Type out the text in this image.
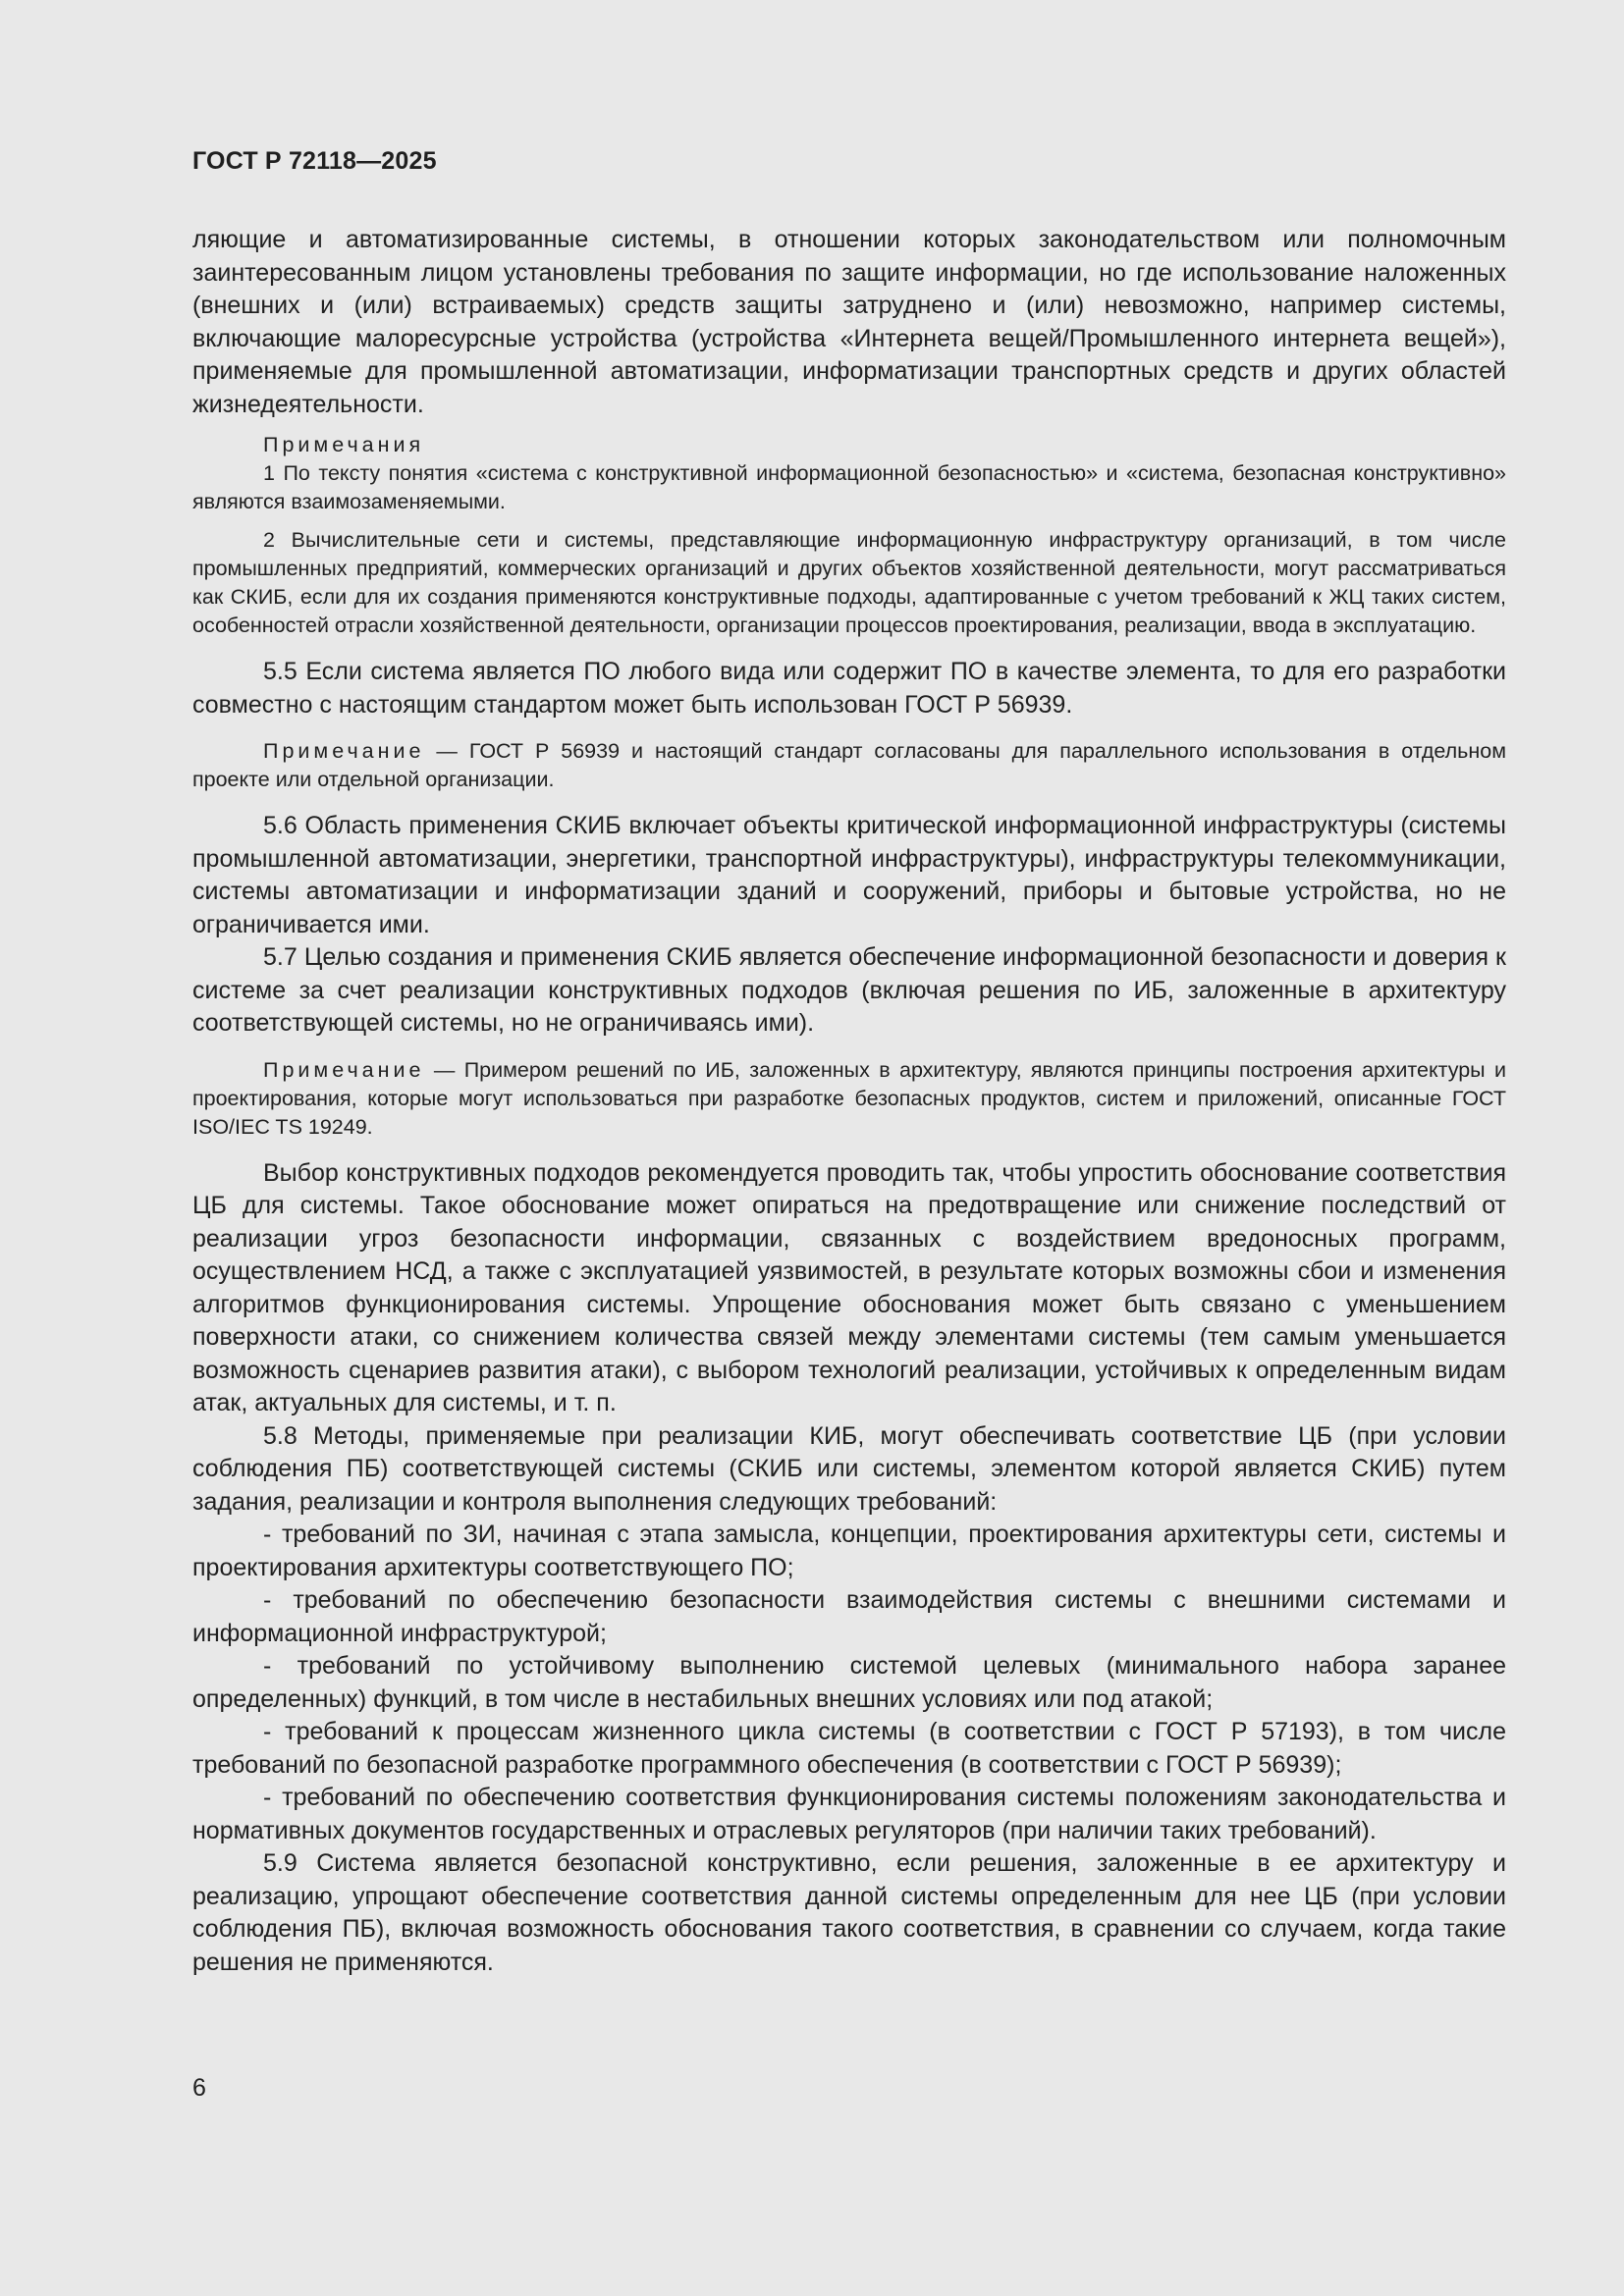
ГОСТ Р 72118—2025

ляющие и автоматизированные системы, в отношении которых законодательством или полномочным заинтересованным лицом установлены требования по защите информации, но где использование наложенных (внешних и (или) встраиваемых) средств защиты затруднено и (или) невозможно, например системы, включающие малоресурсные устройства (устройства «Интернета вещей/Промышленного интернета вещей»), применяемые для промышленной автоматизации, информатизации транспортных средств и других областей жизнедеятельности.

Примечания

1 По тексту понятия «система с конструктивной информационной безопасностью» и «система, безопасная конструктивно» являются взаимозаменяемыми.

2 Вычислительные сети и системы, представляющие информационную инфраструктуру организаций, в том числе промышленных предприятий, коммерческих организаций и других объектов хозяйственной деятельности, могут рассматриваться как СКИБ, если для их создания применяются конструктивные подходы, адаптированные с учетом требований к ЖЦ таких систем, особенностей отрасли хозяйственной деятельности, организации процессов проектирования, реализации, ввода в эксплуатацию.

5.5 Если система является ПО любого вида или содержит ПО в качестве элемента, то для его разработки совместно с настоящим стандартом может быть использован ГОСТ Р 56939.

Примечание — ГОСТ Р 56939 и настоящий стандарт согласованы для параллельного использования в отдельном проекте или отдельной организации.

5.6 Область применения СКИБ включает объекты критической информационной инфраструктуры (системы промышленной автоматизации, энергетики, транспортной инфраструктуры), инфраструктуры телекоммуникации, системы автоматизации и информатизации зданий и сооружений, приборы и бытовые устройства, но не ограничивается ими.

5.7 Целью создания и применения СКИБ является обеспечение информационной безопасности и доверия к системе за счет реализации конструктивных подходов (включая решения по ИБ, заложенные в архитектуру соответствующей системы, но не ограничиваясь ими).

Примечание — Примером решений по ИБ, заложенных в архитектуру, являются принципы построения архитектуры и проектирования, которые могут использоваться при разработке безопасных продуктов, систем и приложений, описанные ГОСТ ISO/IEC TS 19249.

Выбор конструктивных подходов рекомендуется проводить так, чтобы упростить обоснование соответствия ЦБ для системы. Такое обоснование может опираться на предотвращение или снижение последствий от реализации угроз безопасности информации, связанных с воздействием вредоносных программ, осуществлением НСД, а также с эксплуатацией уязвимостей, в результате которых возможны сбои и изменения алгоритмов функционирования системы. Упрощение обоснования может быть связано с уменьшением поверхности атаки, со снижением количества связей между элементами системы (тем самым уменьшается возможность сценариев развития атаки), с выбором технологий реализации, устойчивых к определенным видам атак, актуальных для системы, и т. п.

5.8 Методы, применяемые при реализации КИБ, могут обеспечивать соответствие ЦБ (при условии соблюдения ПБ) соответствующей системы (СКИБ или системы, элементом которой является СКИБ) путем задания, реализации и контроля выполнения следующих требований:

- требований по ЗИ, начиная с этапа замысла, концепции, проектирования архитектуры сети, системы и проектирования архитектуры соответствующего ПО;

- требований по обеспечению безопасности взаимодействия системы с внешними системами и информационной инфраструктурой;

- требований по устойчивому выполнению системой целевых (минимального набора заранее определенных) функций, в том числе в нестабильных внешних условиях или под атакой;

- требований к процессам жизненного цикла системы (в соответствии с ГОСТ Р 57193), в том числе требований по безопасной разработке программного обеспечения (в соответствии с ГОСТ Р 56939);

- требований по обеспечению соответствия функционирования системы положениям законодательства и нормативных документов государственных и отраслевых регуляторов (при наличии таких требований).

5.9 Система является безопасной конструктивно, если решения, заложенные в ее архитектуру и реализацию, упрощают обеспечение соответствия данной системы определенным для нее ЦБ (при условии соблюдения ПБ), включая возможность обоснования такого соответствия, в сравнении со случаем, когда такие решения не применяются.

6
